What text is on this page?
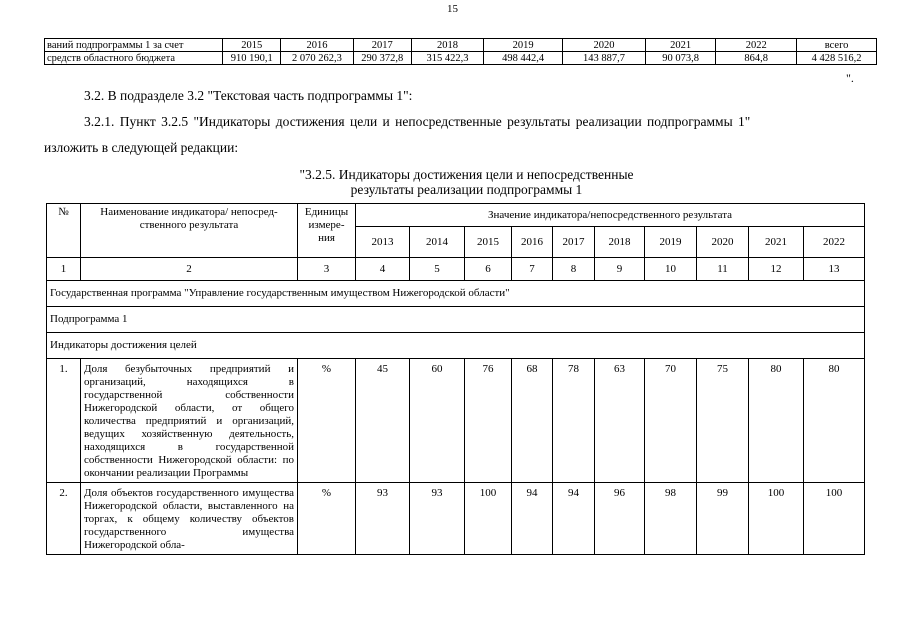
15
ваний подпрограммы 1 за счет	2015	2016	2017	2018	2019	2020	2021	2022	всего
средств областного бюджета	910 190,1	2 070 262,3	290 372,8	315 422,3	498 442,4	143 887,7	90 073,8	864,8	4 428 516,2
".
3.2. В подразделе 3.2 "Текстовая часть подпрограммы 1":
3.2.1. Пункт 3.2.5 "Индикаторы достижения цели и непосредственные результаты реализации подпрограммы 1"
изложить в следующей редакции:
"3.2.5. Индикаторы достижения цели и непосредственные
результаты реализации подпрограммы 1
№	Наименование индикатора/ непосред-ственного результата	Единицы измере-ния	Значение индикатора/непосредственного результата									
			2013	2014	2015	2016	2017	2018	2019	2020	2021	2022
1	2	3	4	5	6	7	8	9	10	11	12	13
Государственная программа "Управление государственным имуществом Нижегородской области"												
Подпрограмма 1												
Индикаторы достижения целей												
1.	Доля безубыточных предприятий и организаций, находящихся в государственной собственности Нижегородской области, от общего количества предприятий и организаций, ведущих хозяйственную деятельность, находящихся в государственной собственности Нижегородской области: по окончании реализации Программы	%	45	60	76	68	78	63	70	75	80	80
2.	Доля объектов государственного имущества Нижегородской области, выставленного на торгах, к общему количеству объектов государственного имущества Нижегородской обла-	%	93	93	100	94	94	96	98	99	100	100
